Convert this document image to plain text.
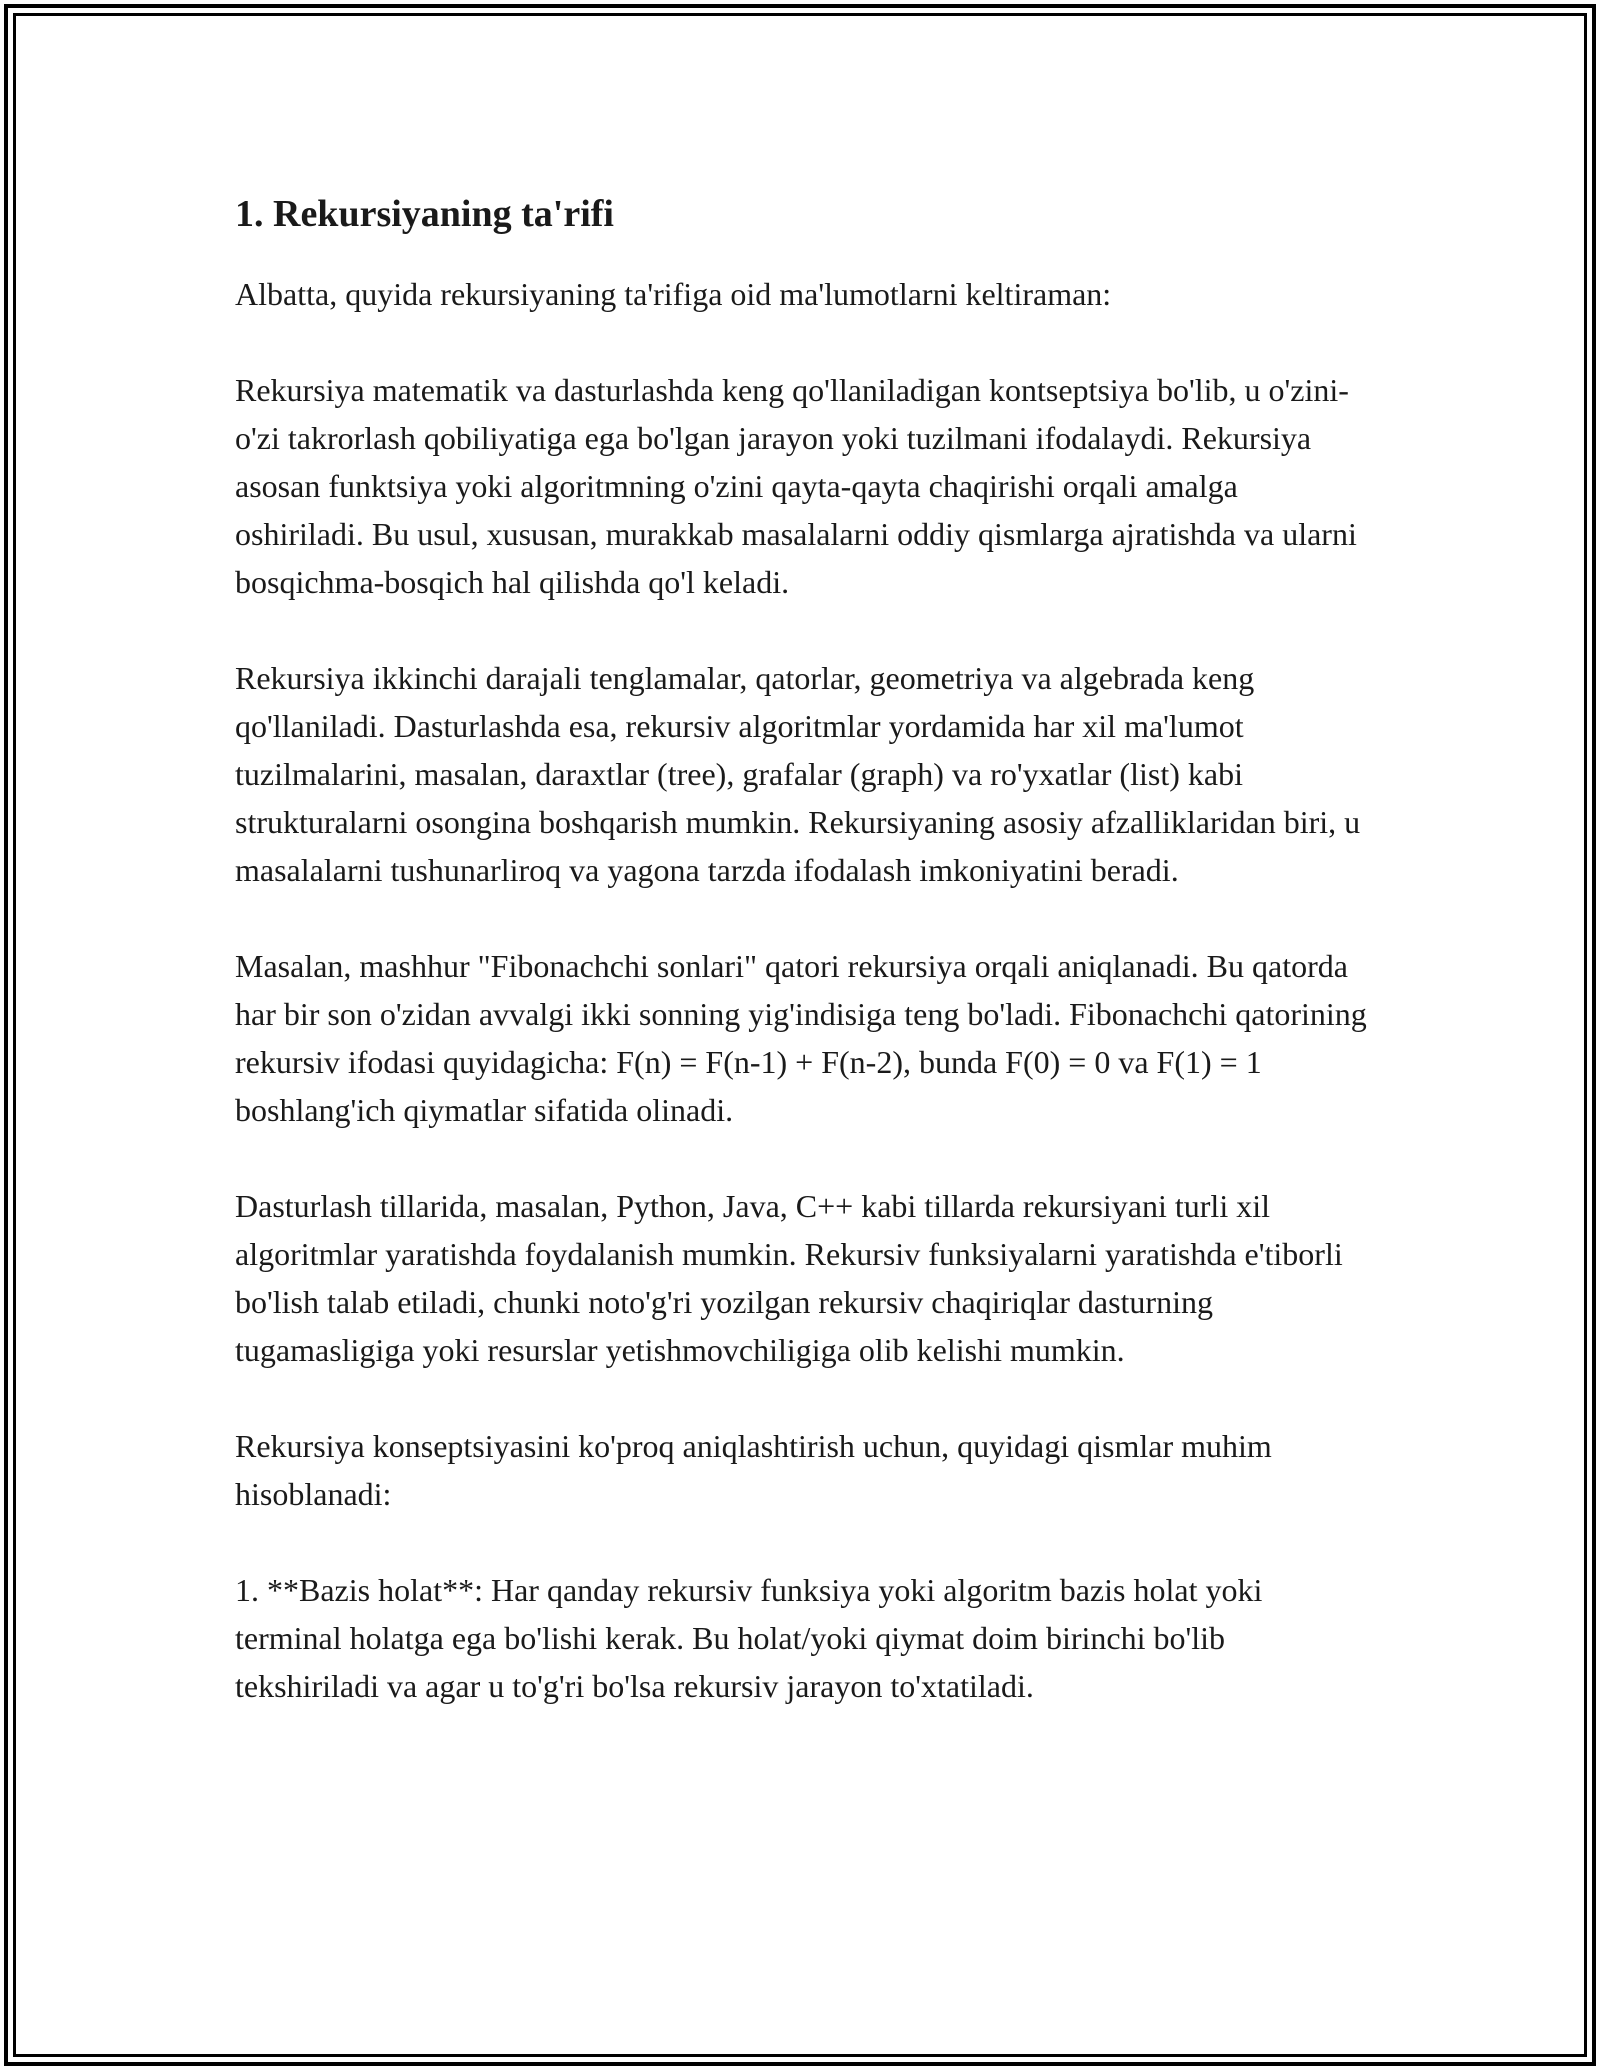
1. Rekursiyaning ta'rifi

Albatta, quyida rekursiyaning ta'rifiga oid ma'lumotlarni keltiraman:

Rekursiya matematik va dasturlashda keng qo'llaniladigan kontseptsiya bo'lib, u o'zini-o'zi takrorlash qobiliyatiga ega bo'lgan jarayon yoki tuzilmani ifodalaydi. Rekursiya asosan funktsiya yoki algoritmning o'zini qayta-qayta chaqirishi orqali amalga oshiriladi. Bu usul, xususan, murakkab masalalarni oddiy qismlarga ajratishda va ularni bosqichma-bosqich hal qilishda qo'l keladi.

Rekursiya ikkinchi darajali tenglamalar, qatorlar, geometriya va algebrada keng qo'llaniladi. Dasturlashda esa, rekursiv algoritmlar yordamida har xil ma'lumot tuzilmalarini, masalan, daraxtlar (tree), grafalar (graph) va ro'yxatlar (list) kabi strukturalarni osongina boshqarish mumkin. Rekursiyaning asosiy afzalliklaridan biri, u masalalarni tushunarliroq va yagona tarzda ifodalash imkoniyatini beradi.

Masalan, mashhur "Fibonachchi sonlari" qatori rekursiya orqali aniqlanadi. Bu qatorda har bir son o'zidan avvalgi ikki sonning yig'indisiga teng bo'ladi. Fibonachchi qatorining rekursiv ifodasi quyidagicha: F(n) = F(n-1) + F(n-2), bunda F(0) = 0 va F(1) = 1 boshlang'ich qiymatlar sifatida olinadi.

Dasturlash tillarida, masalan, Python, Java, C++ kabi tillarda rekursiyani turli xil algoritmlar yaratishda foydalanish mumkin. Rekursiv funksiyalarni yaratishda e'tiborli bo'lish talab etiladi, chunki noto'g'ri yozilgan rekursiv chaqiriqlar dasturning tugamasligiga yoki resurslar yetishmovchiligiga olib kelishi mumkin.

Rekursiya konseptsiyasini ko'proq aniqlashtirish uchun, quyidagi qismlar muhim hisoblanadi:

1. **Bazis holat**: Har qanday rekursiv funksiya yoki algoritm bazis holat yoki terminal holatga ega bo'lishi kerak. Bu holat/yoki qiymat doim birinchi bo'lib tekshiriladi va agar u to'g'ri bo'lsa rekursiv jarayon to'xtatiladi.
